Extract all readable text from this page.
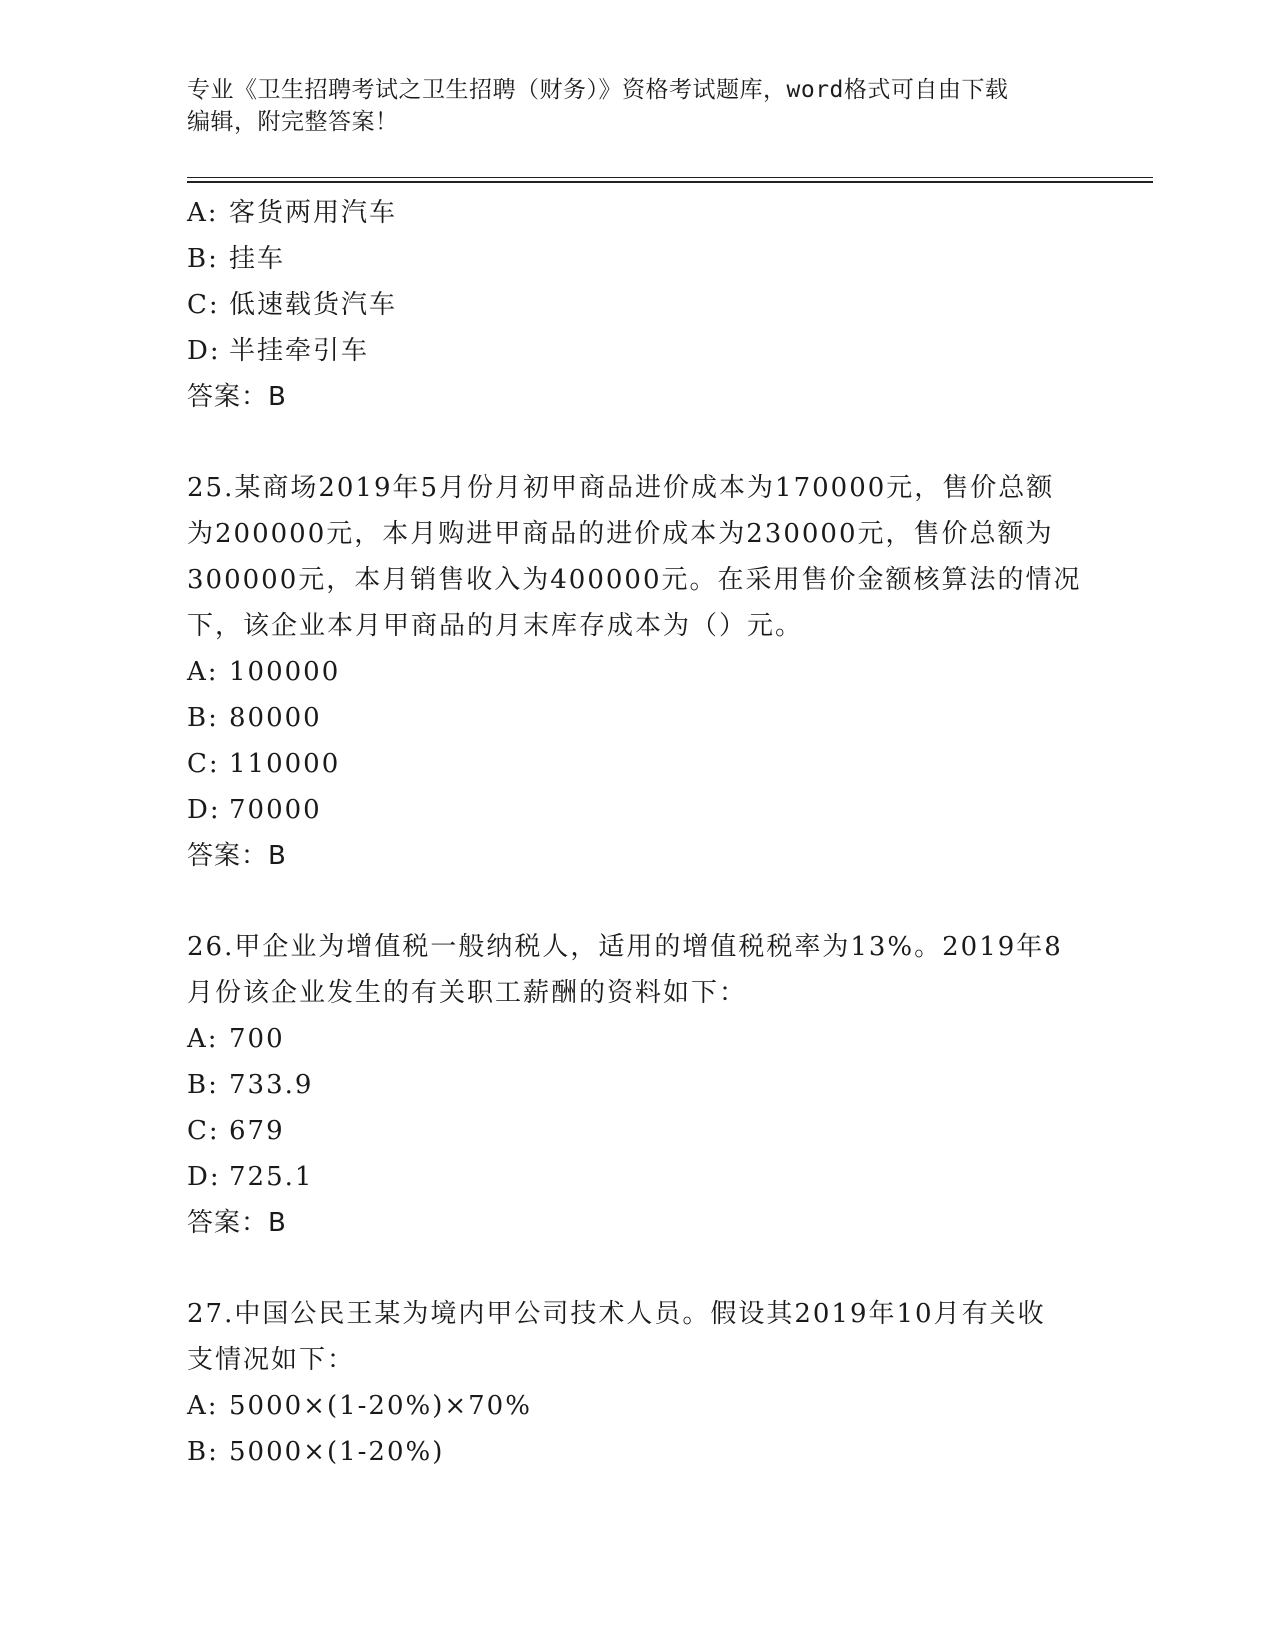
专业《卫生招聘考试之卫生招聘（财务）》资格考试题库，word格式可自由下载
编辑，附完整答案！
A: 客货两用汽车
B: 挂车
C: 低速载货汽车
D: 半挂牵引车
答案：B
25.某商场2019年5月份月初甲商品进价成本为170000元，售价总额
为200000元，本月购进甲商品的进价成本为230000元，售价总额为
300000元，本月销售收入为400000元。在采用售价金额核算法的情况
下，该企业本月甲商品的月末库存成本为（）元。
A: 100000
B: 80000
C: 110000
D: 70000
答案：B
26.甲企业为增值税一般纳税人，适用的增值税税率为13%。2019年8
月份该企业发生的有关职工薪酬的资料如下：
A: 700
B: 733.9
C: 679
D: 725.1
答案：B
27.中国公民王某为境内甲公司技术人员。假设其2019年10月有关收
支情况如下：
A: 5000×(1-20%)×70%
B: 5000×(1-20%)
